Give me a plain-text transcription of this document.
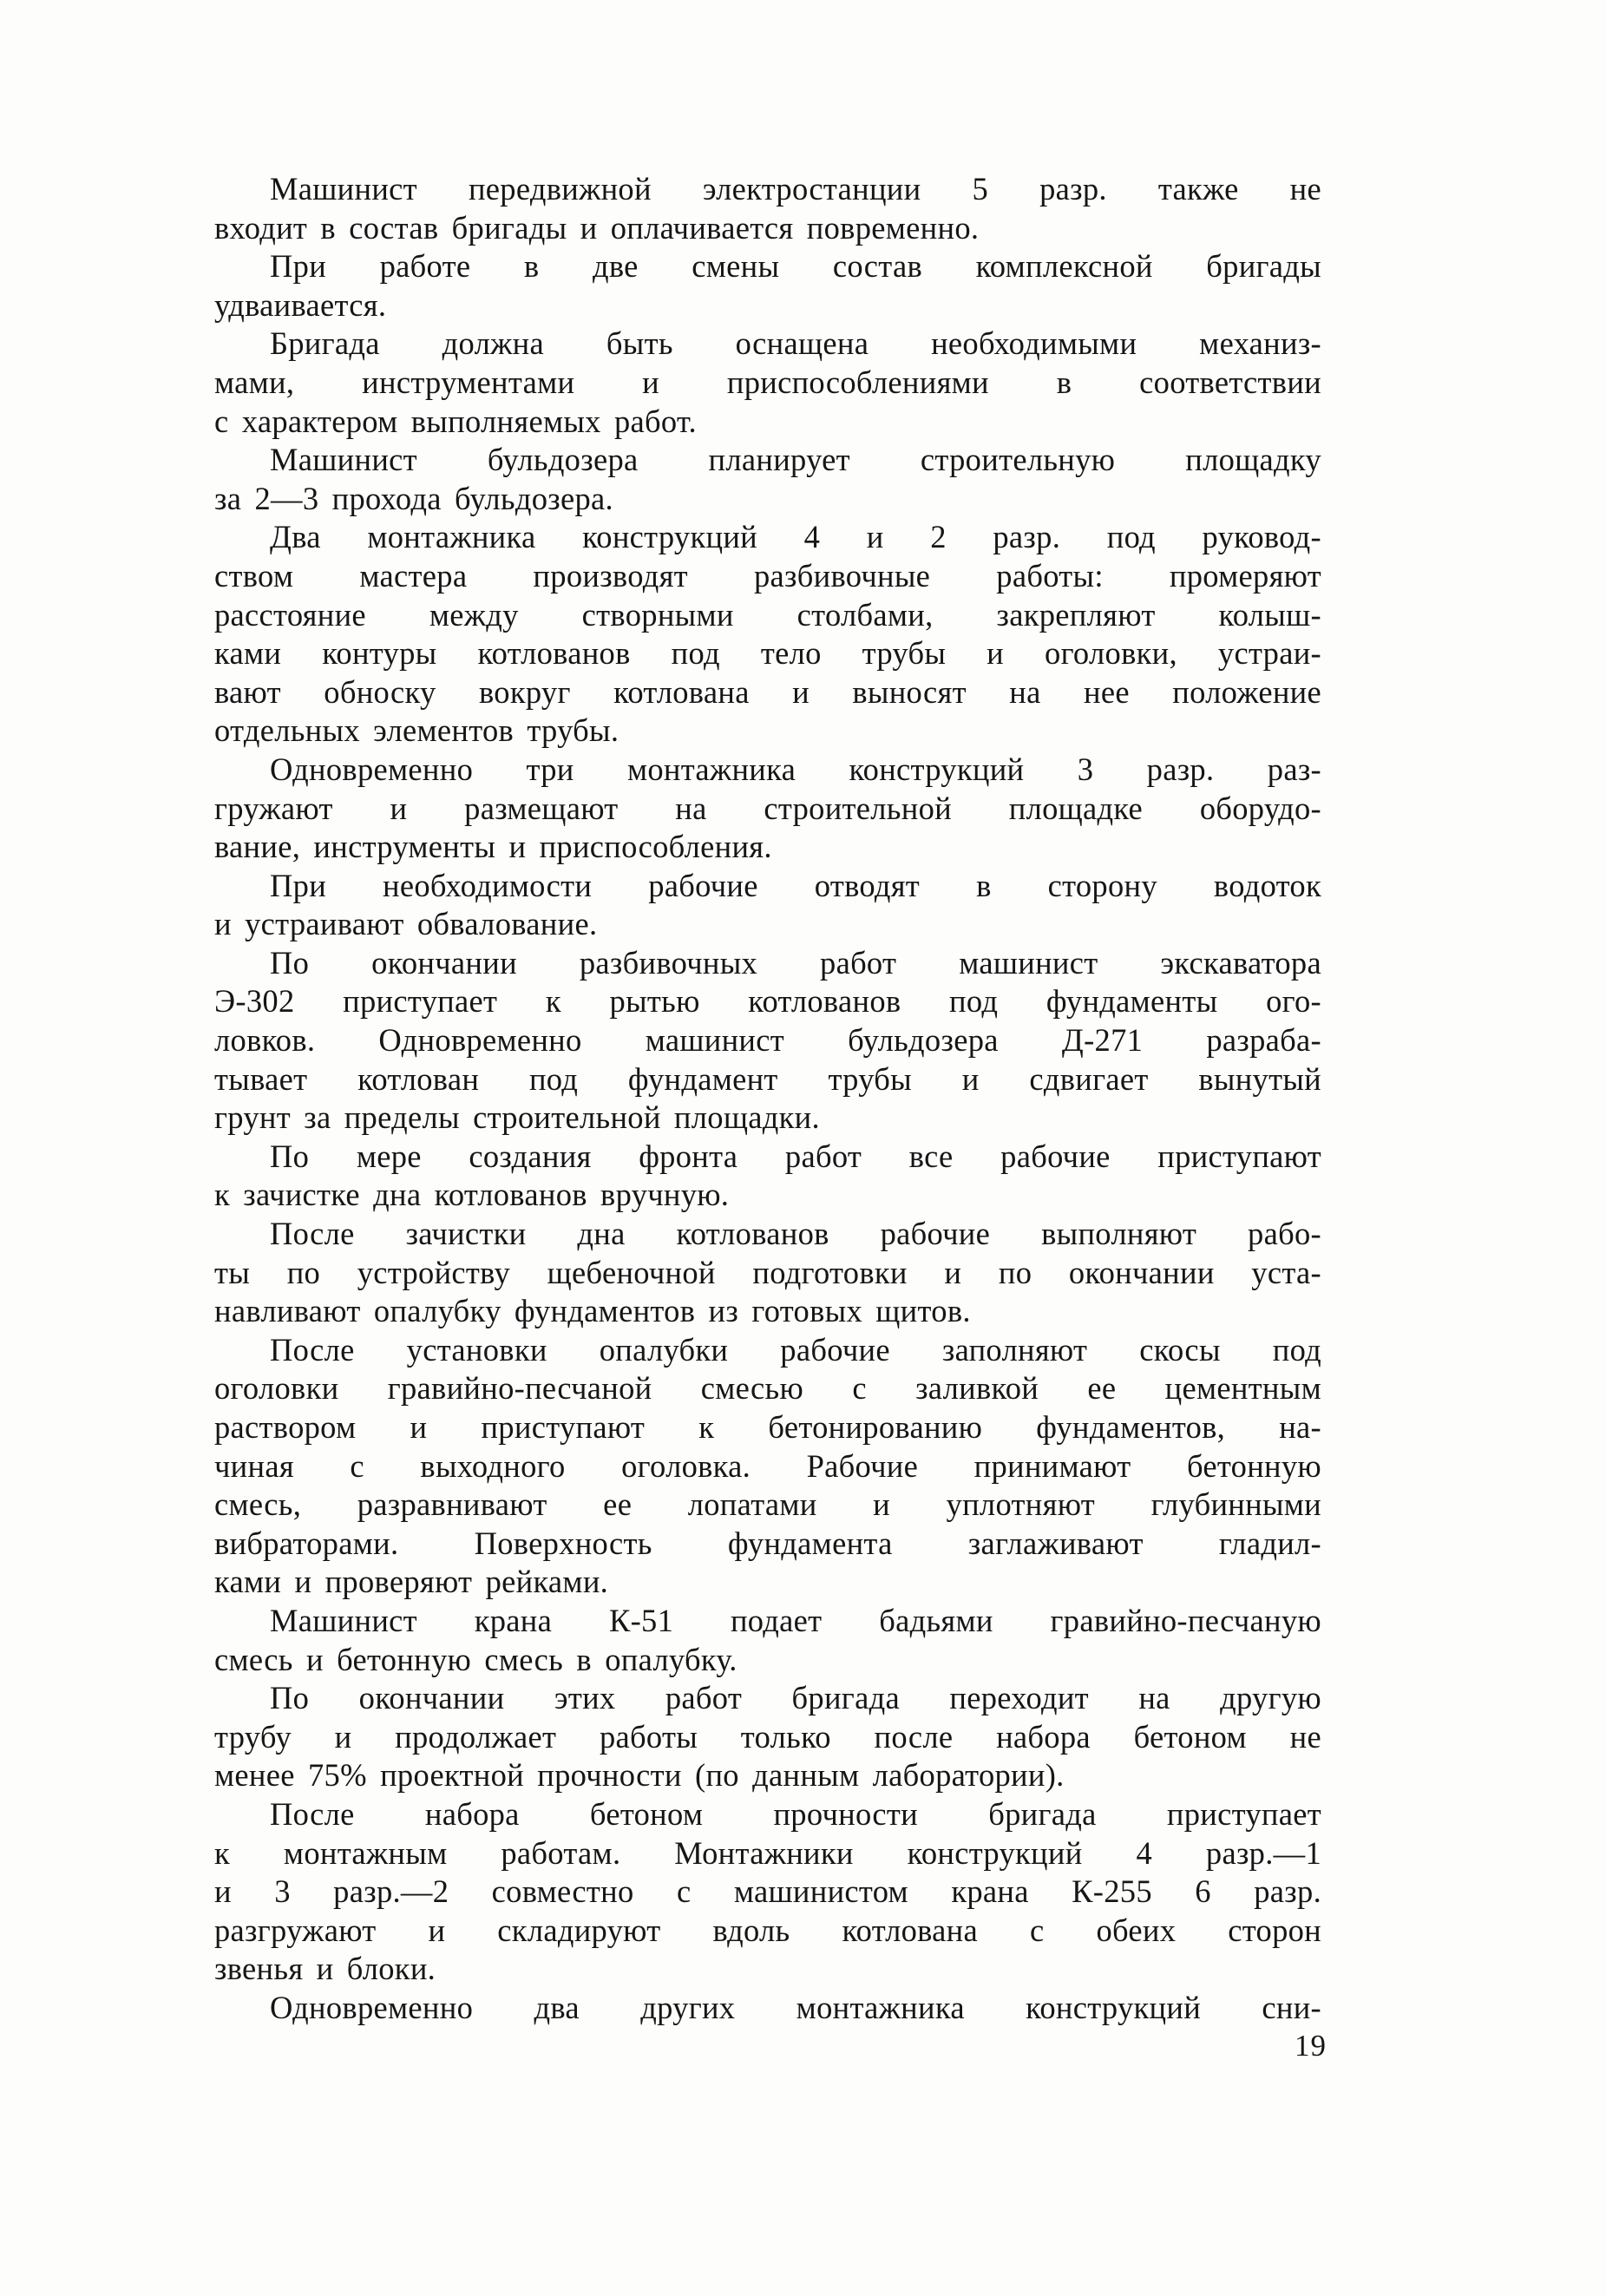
Машинист передвижной электростанции 5 разр. также не
входит в состав бригады и оплачивается повременно.
При работе в две смены состав комплексной бригады
удваивается.
Бригада должна быть оснащена необходимыми механиз-
мами, инструментами и приспособлениями в соответствии
с характером выполняемых работ.
Машинист бульдозера планирует строительную площадку
за 2—3 прохода бульдозера.
Два монтажника конструкций 4 и 2 разр. под руковод-
ством мастера производят разбивочные работы: промеряют
расстояние между створными столбами, закрепляют колыш-
ками контуры котлованов под тело трубы и оголовки, устраи-
вают обноску вокруг котлована и выносят на нее положение
отдельных элементов трубы.
Одновременно три монтажника конструкций 3 разр. раз-
гружают и размещают на строительной площадке оборудо-
вание, инструменты и приспособления.
При необходимости рабочие отводят в сторону водоток
и устраивают обвалование.
По окончании разбивочных работ машинист экскаватора
Э-302 приступает к рытью котлованов под фундаменты ого-
ловков. Одновременно машинист бульдозера Д-271 разраба-
тывает котлован под фундамент трубы и сдвигает вынутый
грунт за пределы строительной площадки.
По мере создания фронта работ все рабочие приступают
к зачистке дна котлованов вручную.
После зачистки дна котлованов рабочие выполняют рабо-
ты по устройству щебеночной подготовки и по окончании уста-
навливают опалубку фундаментов из готовых щитов.
После установки опалубки рабочие заполняют скосы под
оголовки гравийно-песчаной смесью с заливкой ее цементным
раствором и приступают к бетонированию фундаментов, на-
чиная с выходного оголовка. Рабочие принимают бетонную
смесь, разравнивают ее лопатами и уплотняют глубинными
вибраторами. Поверхность фундамента заглаживают гладил-
ками и проверяют рейками.
Машинист крана К-51 подает бадьями гравийно-песчаную
смесь и бетонную смесь в опалубку.
По окончании этих работ бригада переходит на другую
трубу и продолжает работы только после набора бетоном не
менее 75% проектной прочности (по данным лаборатории).
После набора бетоном прочности бригада приступает
к монтажным работам. Монтажники конструкций 4 разр.—1
и 3 разр.—2 совместно с машинистом крана К-255 6 разр.
разгружают и складируют вдоль котлована с обеих сторон
звенья и блоки.
Одновременно два других монтажника конструкций сни-
19
